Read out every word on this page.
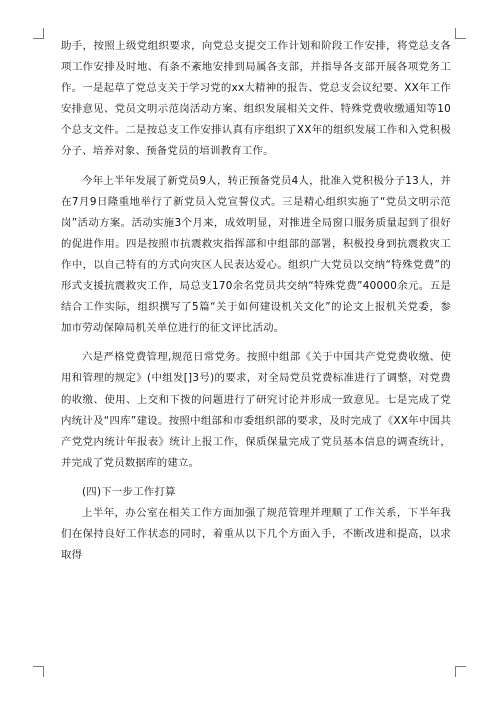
助手，按照上级党组织要求，向党总支提交工作计划和阶段工作安排，将党总支各项工作安排及时地、有条不紊地安排到局属各支部，并指导各支部开展各项党务工作。一是起草了党总支关于学习党的xx大精神的报告、党总支会议纪要、XX年工作安排意见、党员文明示范岗活动方案、组织发展相关文件、特殊党费收缴通知等10个总支文件。二是按总支工作安排认真有序组织了XX年的组织发展工作和入党积极分子、培养对象、预备党员的培训教育工作。

今年上半年发展了新党员9人，转正预备党员4人，批准入党积极分子13人，并在7月9日隆重地举行了新党员入党宣誓仪式。三是精心组织实施了“党员文明示范岗”活动方案。活动实施3个月来，成效明显，对推进全局窗口服务质量起到了很好的促进作用。四是按照市抗震救灾指挥部和中组部的部署，积极投身到抗震救灾工作中，以自己特有的方式向灾区人民表达爱心。组织广大党员以交纳“特殊党费”的形式支援抗震救灾工作，局总支170余名党员共交纳“特殊党费”40000余元。五是结合工作实际，组织撰写了5篇“关于如何建设机关文化”的论文上报机关党委，参加市劳动保障局机关单位进行的征文评比活动。

六是严格党费管理,规范日常党务。按照中组部《关于中国共产党党费收缴、使用和管理的规定》(中组发[]3号)的要求，对全局党员党费标准进行了调整，对党费的收缴、使用、上交和下拨的问题进行了研究讨论并形成一致意见。七是完成了党内统计及“四库”建设。按照中组部和市委组织部的要求，及时完成了《XX年中国共产党党内统计年报表》统计上报工作，保质保量完成了党员基本信息的调查统计，并完成了党员数据库的建立。

(四)下一步工作打算

上半年，办公室在相关工作方面加强了规范管理并理顺了工作关系，下半年我们在保持良好工作状态的同时，着重从以下几个方面入手，不断改进和提高，以求取得
